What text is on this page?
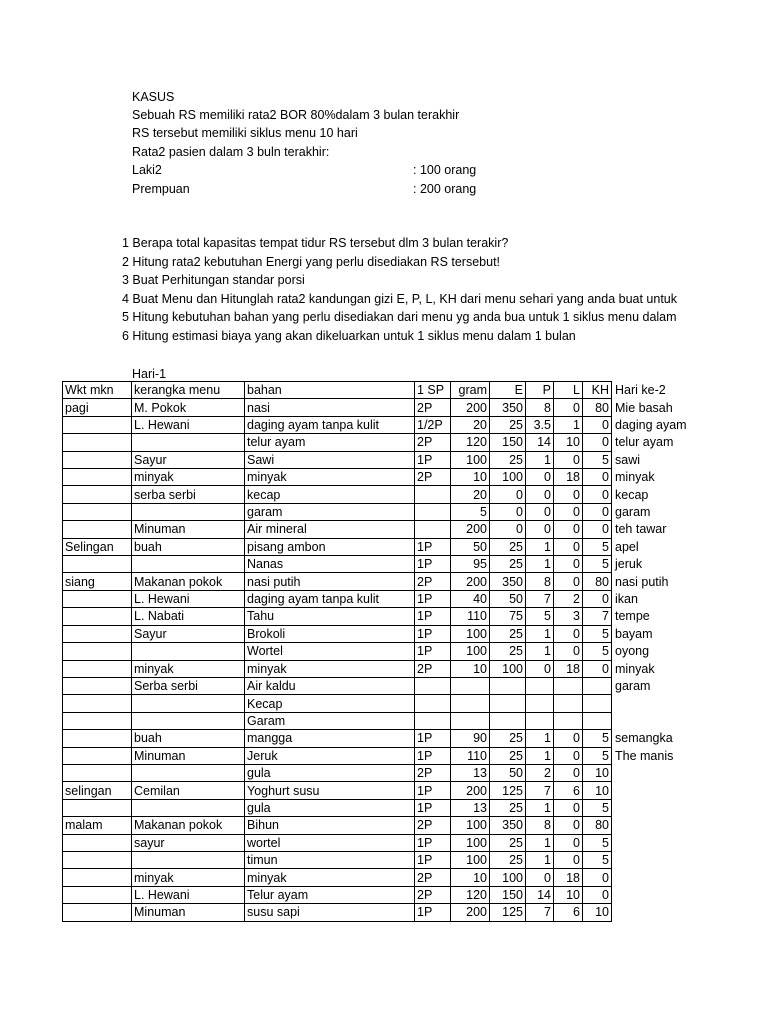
KASUS
Sebuah RS memiliki rata2 BOR 80%dalam 3 bulan terakhir
RS tersebut memiliki siklus menu 10 hari
Rata2 pasien dalam 3 buln terakhir:
Laki2	: 100 orang
Prempuan	: 200 orang
1 Berapa total kapasitas tempat tidur RS tersebut dlm 3 bulan terakir?
2 Hitung rata2 kebutuhan Energi yang perlu disediakan RS tersebut!
3 Buat Perhitungan standar porsi
4 Buat Menu dan Hitunglah rata2 kandungan gizi E, P, L, KH dari menu sehari yang anda buat untuk
5 Hitung kebutuhan bahan yang perlu disediakan dari menu yg anda bua untuk 1 siklus menu dalam
6 Hitung estimasi biaya yang akan dikeluarkan untuk 1 siklus menu dalam 1 bulan
Hari-1
Wkt mkn	kerangka menu	bahan	1 SP	gram	E	P	L	KH	Hari ke-2
pagi	M. Pokok	nasi	2P	200	350	8	0	80	Mie basah
	L. Hewani	daging ayam tanpa kulit	1/2P	20	25	3.5	1	0	daging ayam
		telur ayam	2P	120	150	14	10	0	telur ayam
	Sayur	Sawi	1P	100	25	1	0	5	sawi
	minyak	minyak	2P	10	100	0	18	0	minyak
	serba serbi	kecap		20	0	0	0	0	kecap
		garam		5	0	0	0	0	garam
	Minuman	Air mineral		200	0	0	0	0	teh tawar
Selingan	buah	pisang ambon	1P	50	25	1	0	5	apel
		Nanas	1P	95	25	1	0	5	jeruk
siang	Makanan pokok	nasi putih	2P	200	350	8	0	80	nasi putih
	L. Hewani	daging ayam tanpa kulit	1P	40	50	7	2	0	ikan
	L. Nabati	Tahu	1P	110	75	5	3	7	tempe
	Sayur	Brokoli	1P	100	25	1	0	5	bayam
		Wortel	1P	100	25	1	0	5	oyong
	minyak	minyak	2P	10	100	0	18	0	minyak
	Serba serbi	Air kaldu							garam
		Kecap							
		Garam							
	buah	mangga	1P	90	25	1	0	5	semangka
	Minuman	Jeruk	1P	110	25	1	0	5	The manis
		gula	2P	13	50	2	0	10	
selingan	Cemilan	Yoghurt susu	1P	200	125	7	6	10	
		gula	1P	13	25	1	0	5	
malam	Makanan pokok	Bihun	2P	100	350	8	0	80	
	sayur	wortel	1P	100	25	1	0	5	
		timun	1P	100	25	1	0	5	
	minyak	minyak	2P	10	100	0	18	0	
	L. Hewani	Telur ayam	2P	120	150	14	10	0	
	Minuman	susu sapi	1P	200	125	7	6	10	
